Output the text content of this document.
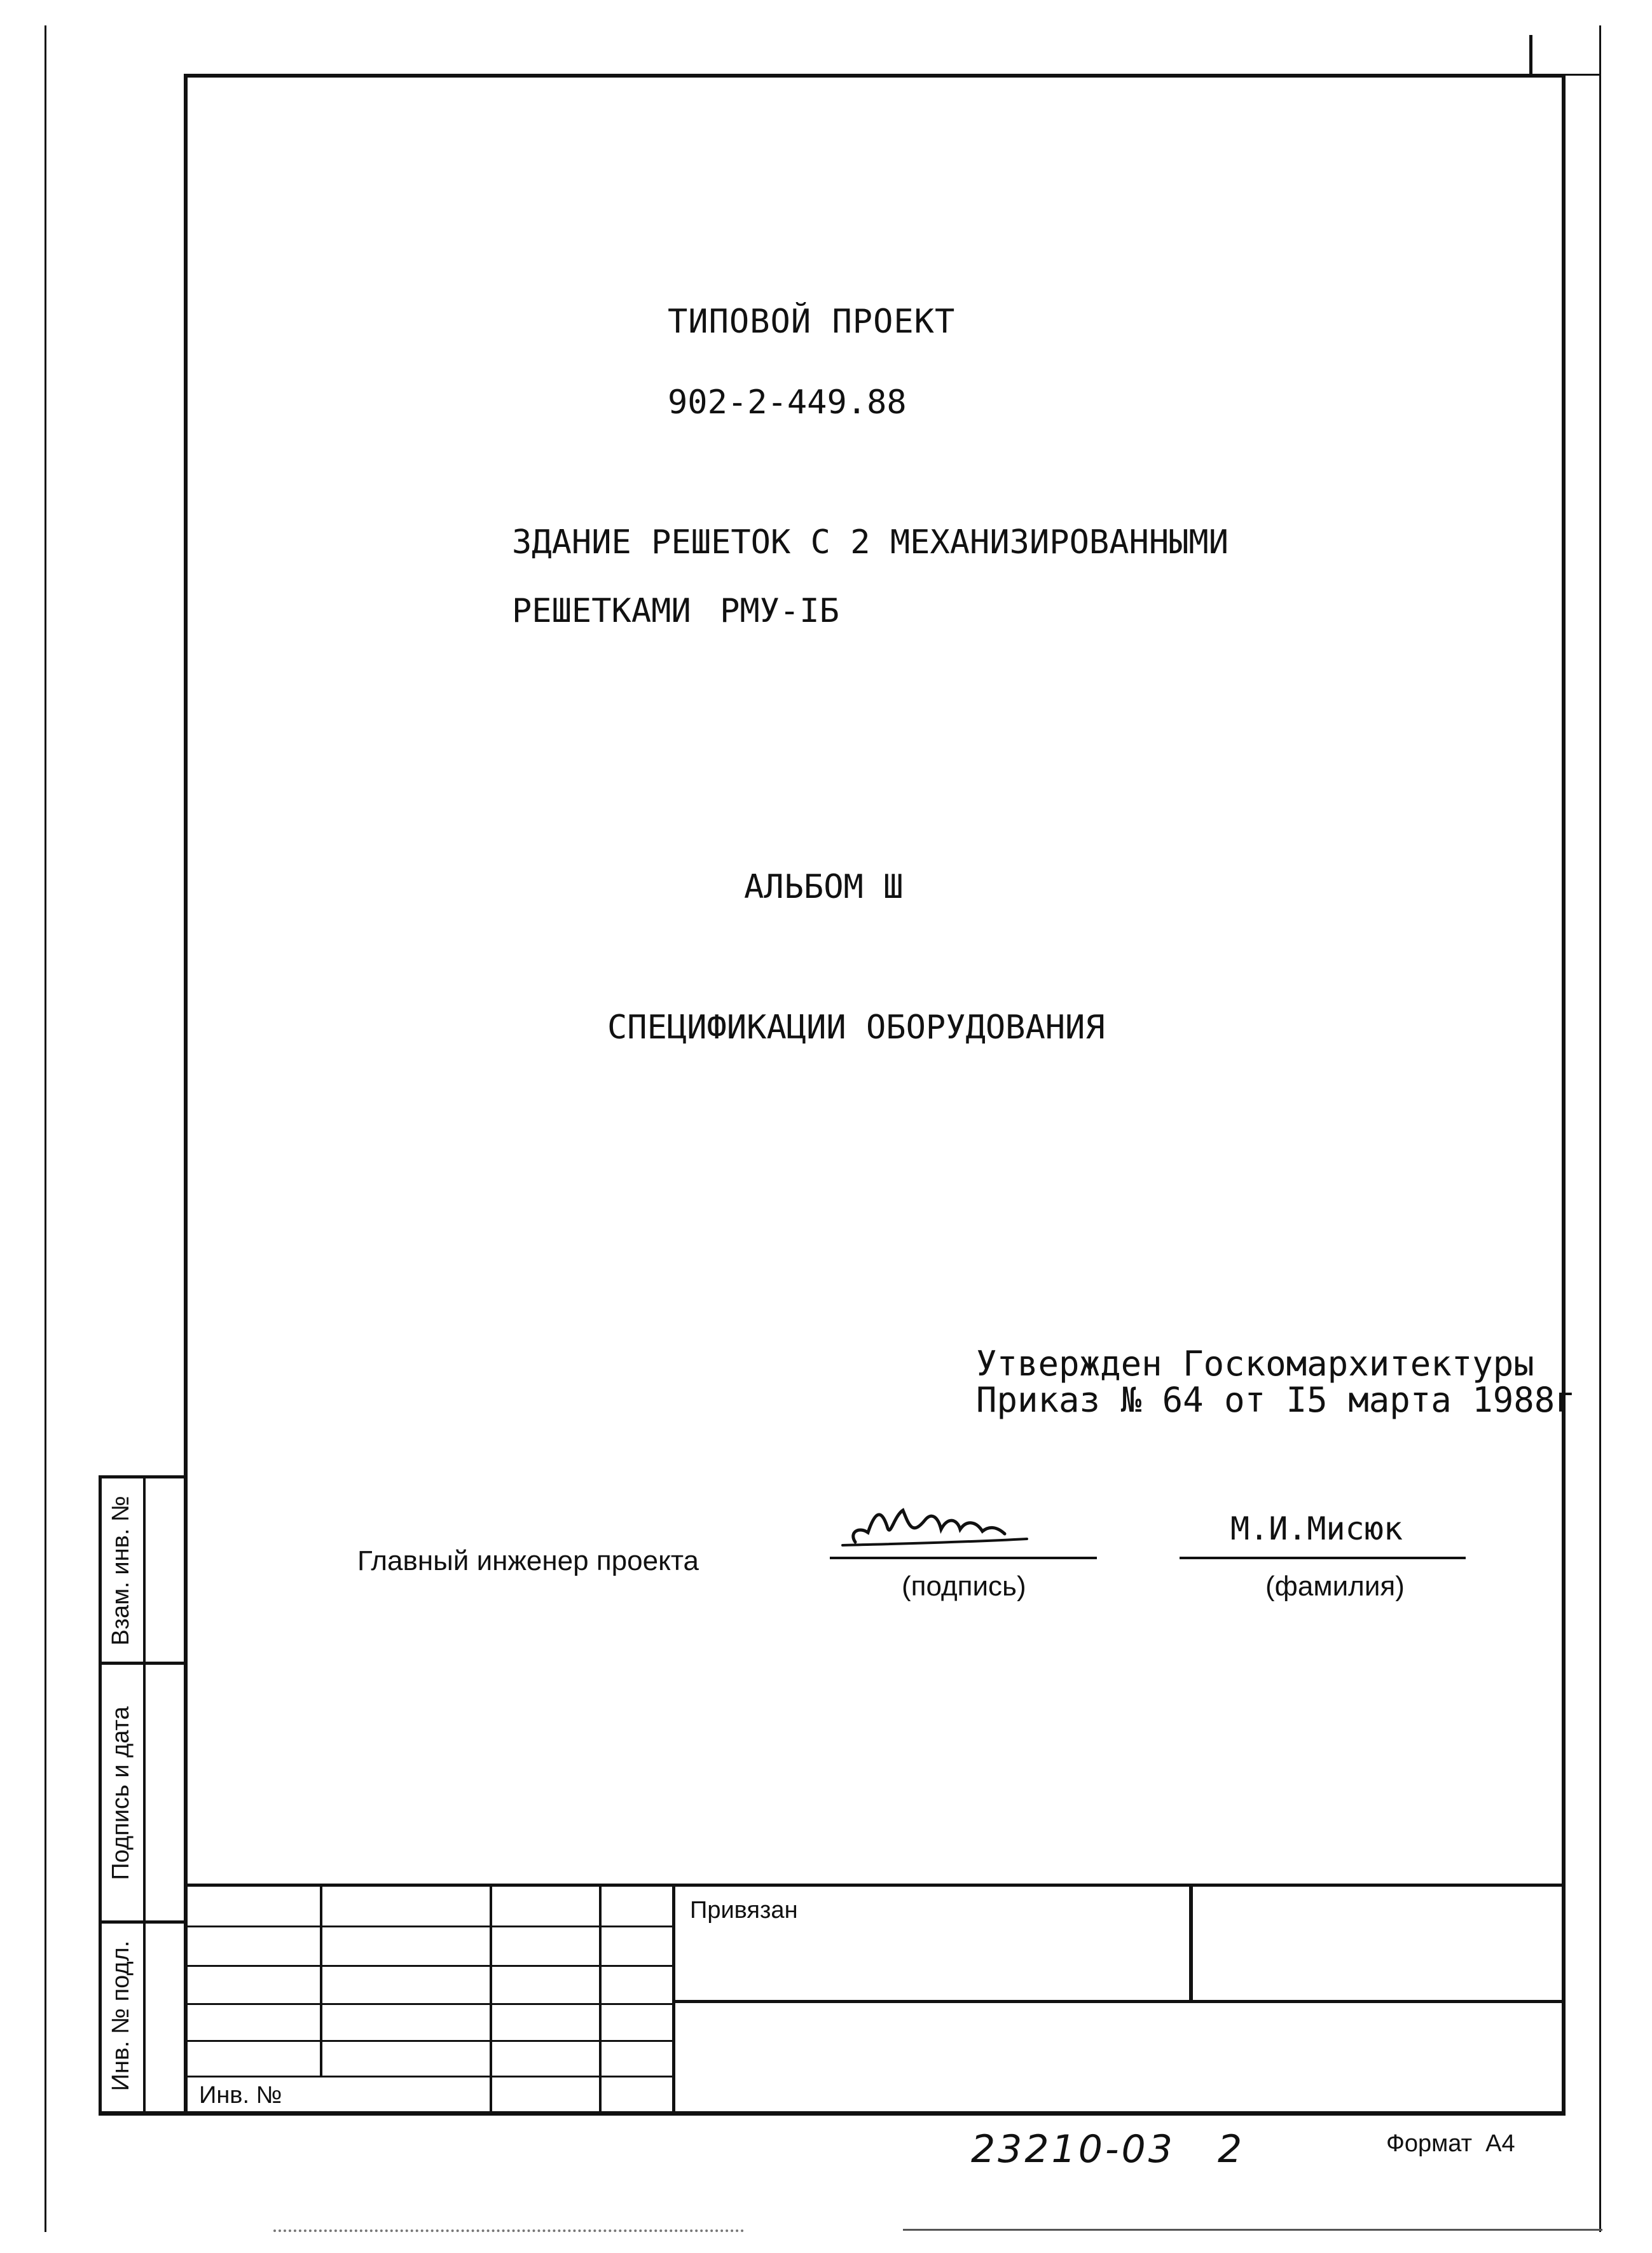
ТИПОВОЙ ПРОЕКТ
902-2-449.88
ЗДАНИЕ РЕШЕТОК С 2 МЕХАНИЗИРОВАННЫМИ
РЕШЕТКАМИ РМУ-IБ
АЛЬБОМ Ш
СПЕЦИФИКАЦИИ ОБОРУДОВАНИЯ
Утвержден Госкомархитектуры
Приказ № 64 от I5 марта 1988г
Главный инженер проекта
(подпись)
М.И.Мисюк
(фамилия)
Взам. инв. №
Подпись и дата
Инв. № подл.
Привязан
Инв. №
23210-03 2	Формат  А4
